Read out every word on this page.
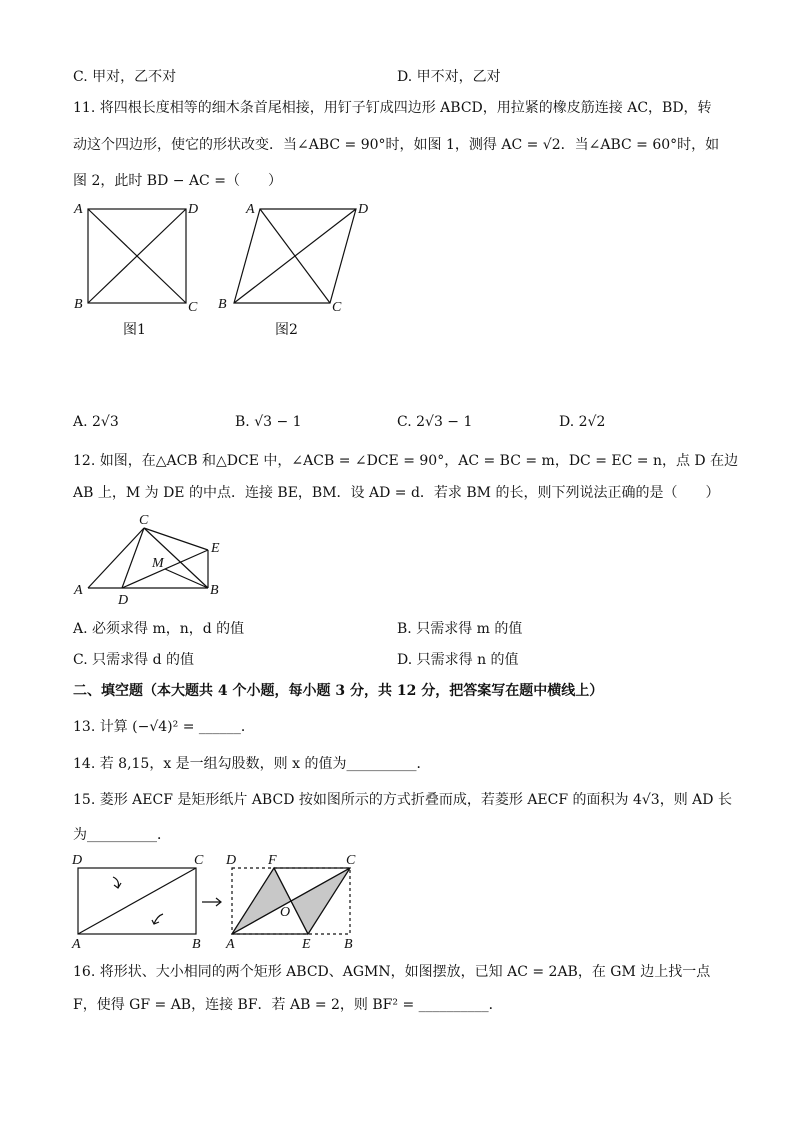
C. 甲对，乙不对	D. 甲不对，乙对
11. 将四根长度相等的细木条首尾相接，用钉子钉成四边形 ABCD，用拉紧的橡皮筋连接 AC，BD，转
动这个四边形，使它的形状改变．当∠ABC = 90°时，如图 1，测得 AC = √2．当∠ABC = 60°时，如
图 2，此时 BD − AC =（　　）
A	D
B	C
A	D
B	C
图1	图2
A. 2√3	B. √3 − 1	C. 2√3 − 1	D. 2√2
12. 如图，在△ACB 和△DCE 中，∠ACB = ∠DCE = 90°，AC = BC = m，DC = EC = n，点 D 在边
AB 上，M 为 DE 的中点．连接 BE，BM．设 AD = d．若求 BM 的长，则下列说法正确的是（　　）
C
E
M
A
D
B
A. 必须求得 m，n，d 的值	B. 只需求得 m 的值
C. 只需求得 d 的值	D. 只需求得 n 的值
二、填空题（本大题共 4 个小题，每小题 3 分，共 12 分，把答案写在题中横线上）
13. 计算 (−√4)² = ______．
14. 若 8,15，x 是一组勾股数，则 x 的值为__________．
15. 菱形 AECF 是矩形纸片 ABCD 按如图所示的方式折叠而成，若菱形 AECF 的面积为 4√3，则 AD 长
为__________．
D	C
A	B
D F	C
O
A	E B
16. 将形状、大小相同的两个矩形 ABCD、AGMN，如图摆放，已知 AC = 2AB，在 GM 边上找一点
F，使得 GF = AB，连接 BF．若 AB = 2，则 BF² = __________．
